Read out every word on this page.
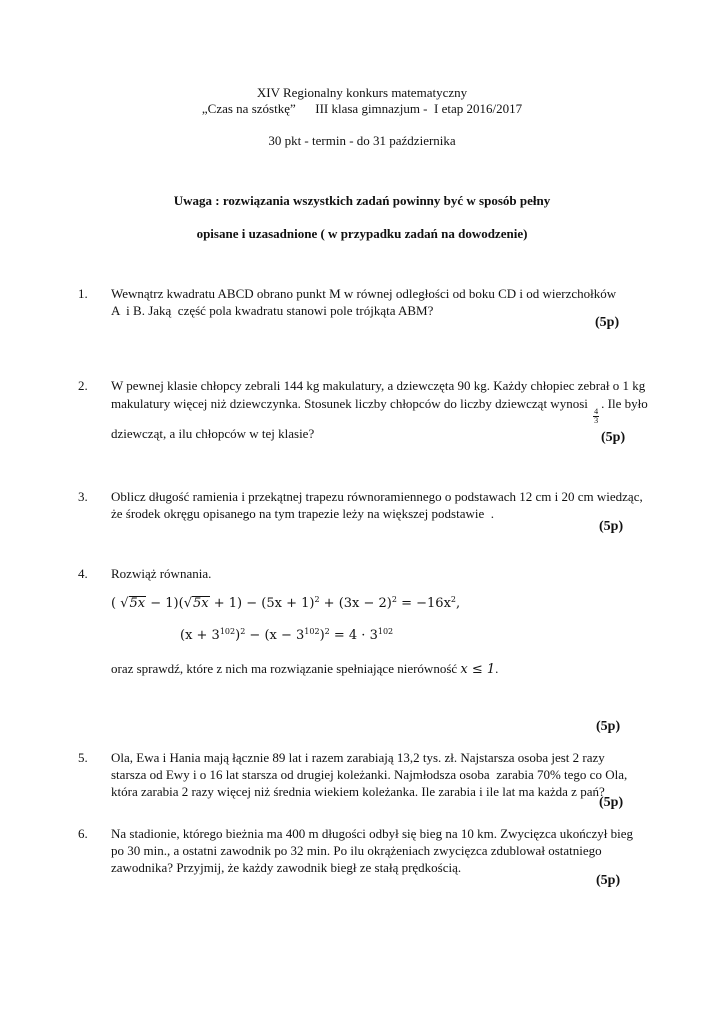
XIV Regionalny konkurs matematyczny
„Czas na szóstkę”      III klasa gimnazjum -  I etap 2016/2017
30 pkt - termin - do 31 października
Uwaga : rozwiązania wszystkich zadań powinny być w sposób pełny
opisane i uzasadnione ( w przypadku zadań na dowodzenie)
1. Wewnątrz kwadratu ABCD obrano punkt M w równej odległości od boku CD i od wierzchołków
A  i B. Jaką  część pola kwadratu stanowi pole trójkąta ABM?
(5p)
2. W pewnej klasie chłopcy zebrali 144 kg makulatury, a dziewczęta 90 kg. Każdy chłopiec zebrał o 1 kg
makulatury więcej niż dziewczynka. Stosunek liczby chłopców do liczby dziewcząt wynosi
$\frac{4}{3}$
. Ile było
dziewcząt, a ilu chłopców w tej klasie?	(5p)
3. Oblicz długość ramienia i przekątnej trapezu równoramiennego o podstawach 12 cm i 20 cm wiedząc,
że środek okręgu opisanego na tym trapezie leży na większej podstawie  .
(5p)
4. Rozwiąż równania.
( $√5x - 1)(√5x + 1) - (5x + 1)^2 + (3x - 2)^2 = -16x^2$,
$(x + 3^{102})^2 - (x - 3^{102})^2 = 4 \cdot 3^{102}$
oraz sprawdź, które z nich ma rozwiązanie spełniające nierówność x ≤ 1.
(5p)
5. Ola, Ewa i Hania mają łącznie 89 lat i razem zarabiają 13,2 tys. zł. Najstarsza osoba jest 2 razy
starsza od Ewy i o 16 lat starsza od drugiej koleżanki. Najmłodsza osoba  zarabia 70% tego co Ola,
która zarabia 2 razy więcej niż średnia wiekiem koleżanka. Ile zarabia i ile lat ma każda z pań?
(5p)
6. Na stadionie, którego bieżnia ma 400 m długości odbył się bieg na 10 km. Zwycięzca ukończył bieg
po 30 min., a ostatni zawodnik po 32 min. Po ilu okrążeniach zwycięzca zdublował ostatniego
zawodnika? Przyjmij, że każdy zawodnik biegł ze stałą prędkością.
(5p)
